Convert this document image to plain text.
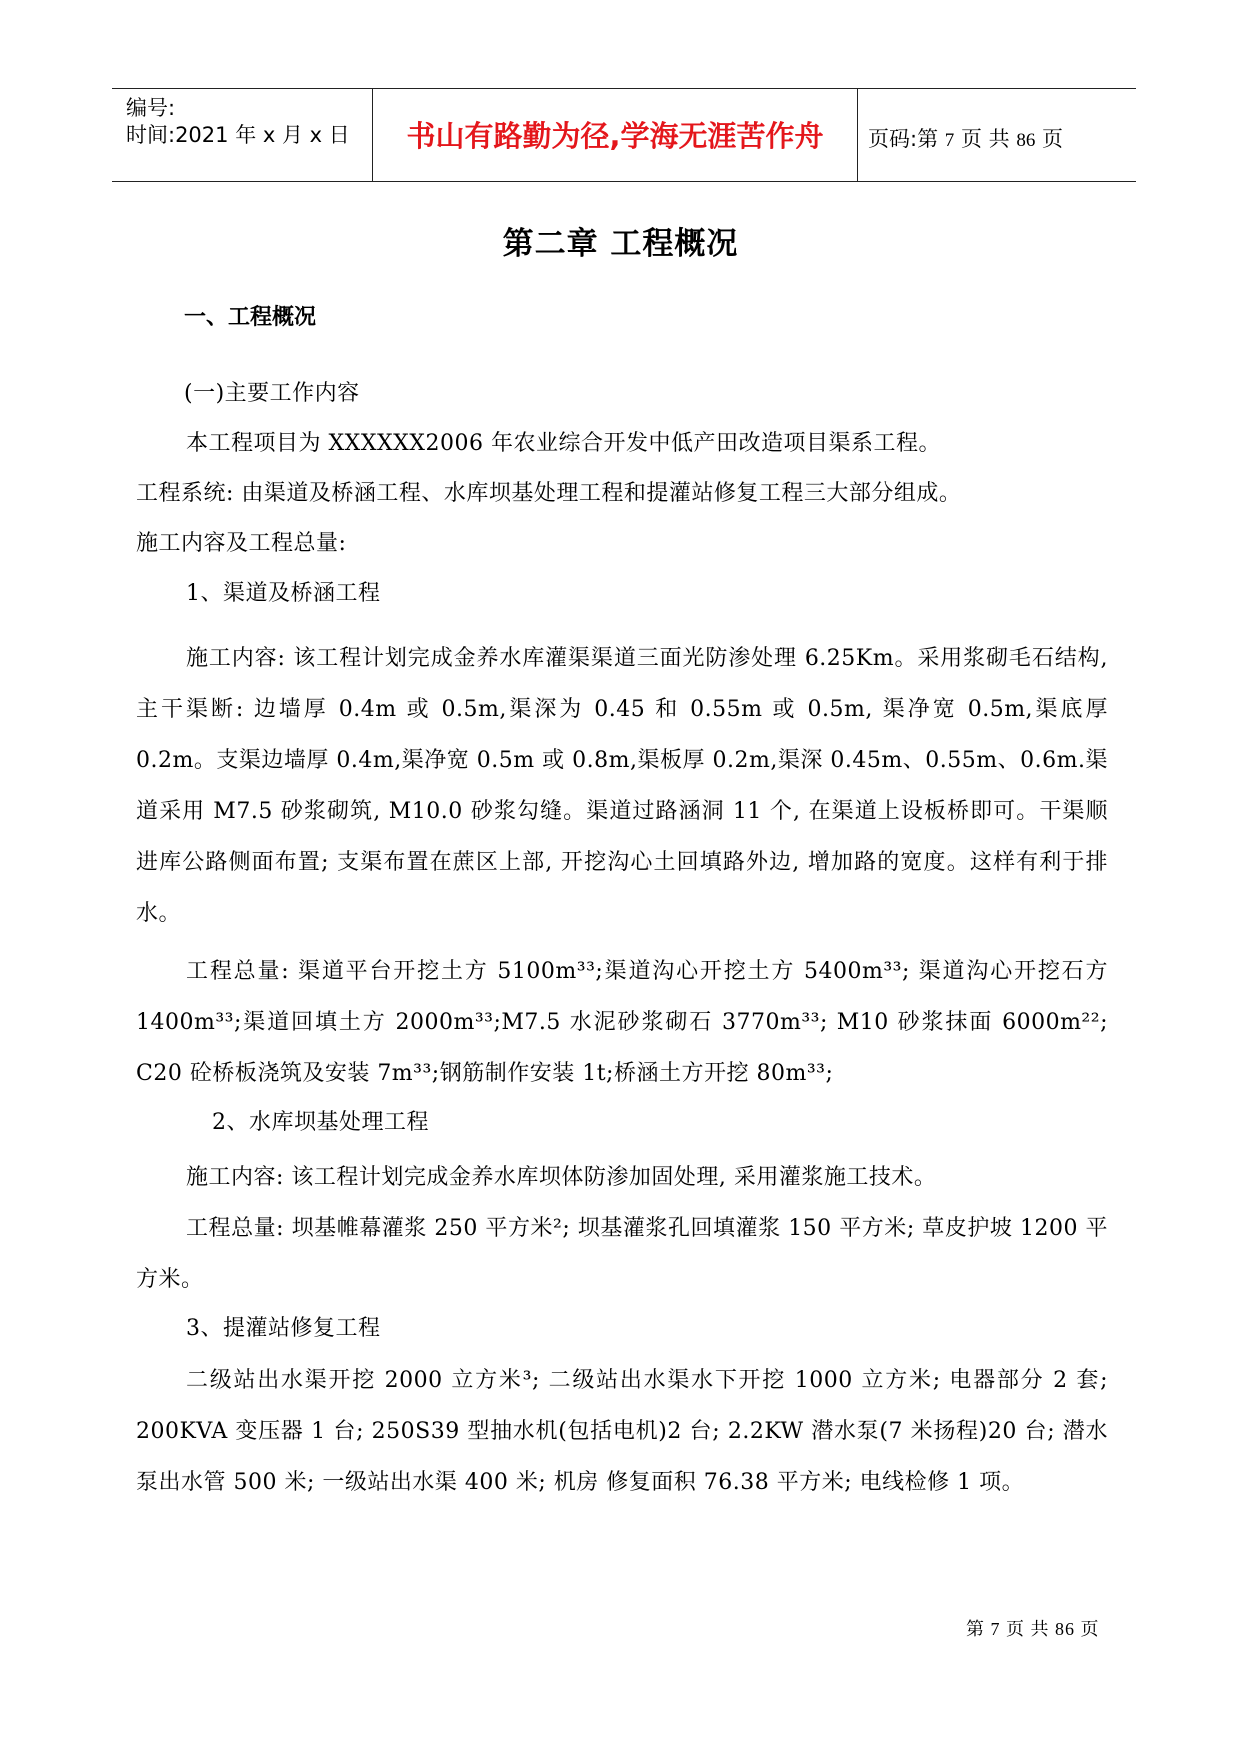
编号:
时间:2021 年 x 月 x 日	书山有路勤为径,学海无涯苦作舟	页码:第 7 页 共 86 页
第二章 工程概况
一、工程概况
(一)主要工作内容
本工程项目为 XXXXXX2006 年农业综合开发中低产田改造项目渠系工程。
工程系统: 由渠道及桥涵工程、水库坝基处理工程和提灌站修复工程三大部分组成。
施工内容及工程总量:
1、渠道及桥涵工程
施工内容: 该工程计划完成金养水库灌渠渠道三面光防渗处理 6.25Km。采用浆砌毛石结构, 主干渠断: 边墙厚 0.4m 或 0.5m,渠深为 0.45 和 0.55m 或 0.5m, 渠净宽 0.5m,渠底厚 0.2m。支渠边墙厚 0.4m,渠净宽 0.5m 或 0.8m,渠板厚 0.2m,渠深 0.45m、0.55m、0.6m.渠道采用 M7.5 砂浆砌筑, M10.0 砂浆勾缝。渠道过路涵洞 11 个, 在渠道上设板桥即可。干渠顺进库公路侧面布置; 支渠布置在蔗区上部, 开挖沟心土回填路外边, 增加路的宽度。这样有利于排水。
工程总量: 渠道平台开挖土方 5100m³³;渠道沟心开挖土方 5400m³³; 渠道沟心开挖石方 1400m³³;渠道回填土方 2000m³³;M7.5 水泥砂浆砌石 3770m³³; M10 砂浆抹面 6000m²²; C20 砼桥板浇筑及安装 7m³³;钢筋制作安装 1t;桥涵土方开挖 80m³³;
2、水库坝基处理工程
施工内容: 该工程计划完成金养水库坝体防渗加固处理, 采用灌浆施工技术。
工程总量: 坝基帷幕灌浆 250 平方米²; 坝基灌浆孔回填灌浆 150 平方米; 草皮护坡 1200 平方米。
3、提灌站修复工程
二级站出水渠开挖 2000 立方米³; 二级站出水渠水下开挖 1000 立方米; 电器部分 2 套; 200KVA 变压器 1 台; 250S39 型抽水机(包括电机)2 台; 2.2KW 潜水泵(7 米扬程)20 台; 潜水泵出水管 500 米; 一级站出水渠 400 米; 机房 修复面积 76.38 平方米; 电线检修 1 项。
第 7 页 共 86 页
